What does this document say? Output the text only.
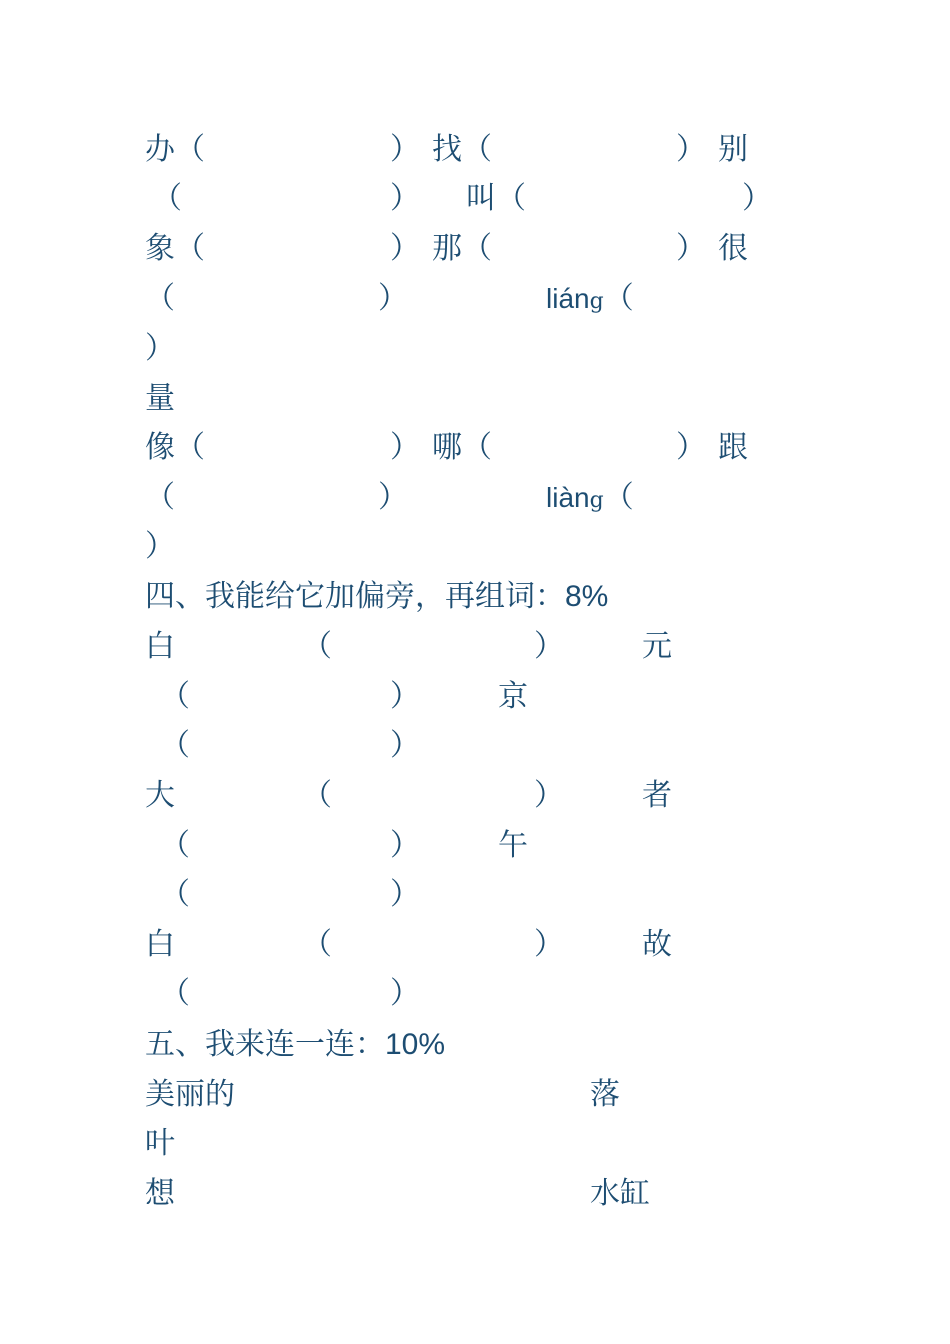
办（	） 找（	） 别
（	） 叫（	）
象（	） 那（	） 很
（	）	liáng（
）
量
像（	） 哪（	） 跟
（	）	liàng（
）
四、我能给它加偏旁，再组词：8%
白	（	）	元
（	）	京
（	）
大	（	）	者
（	）	午
（	）
白	（	）	故
（	）
五、我来连一连：10%
美丽的	落
叶
想	水缸
